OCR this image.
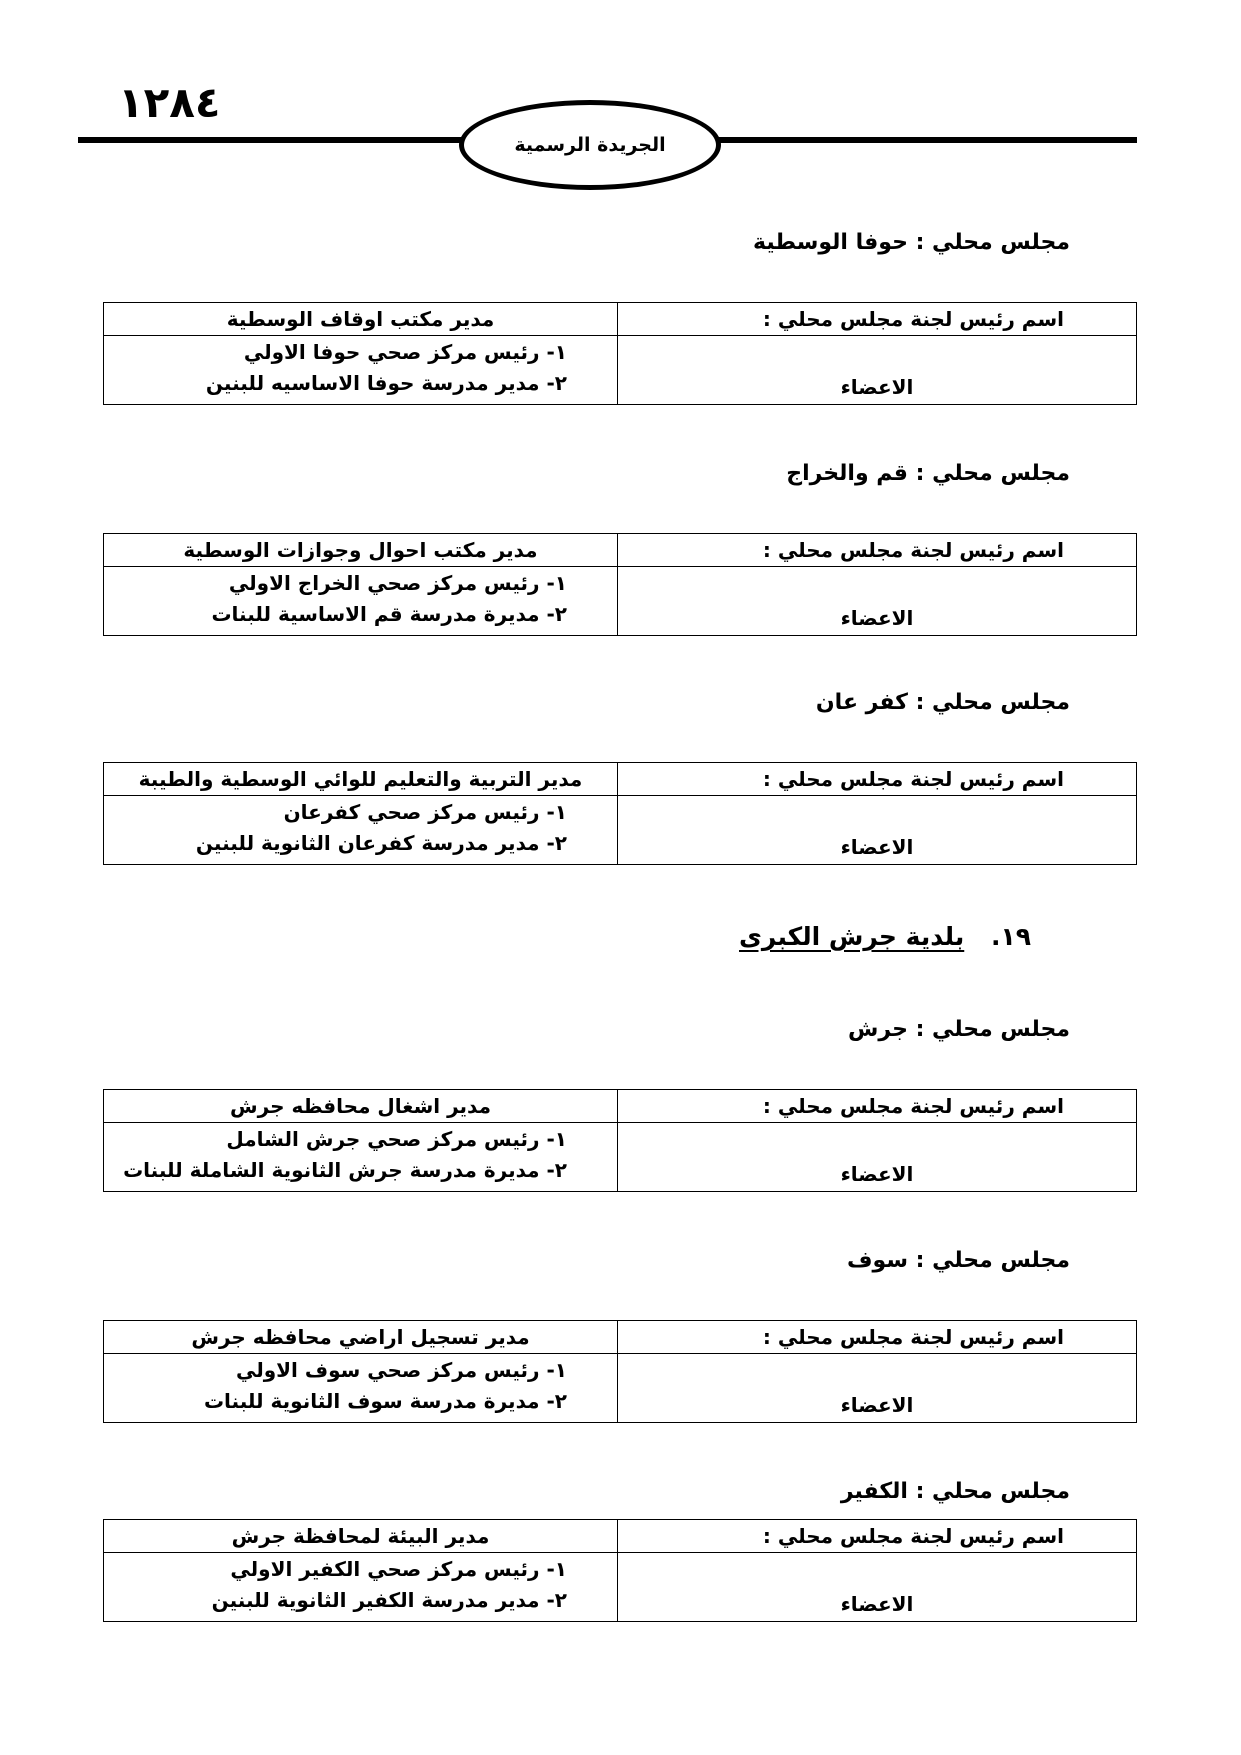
١٢٨٤
الجريدة الرسمية
مجلس محلي : حوفا الوسطية
اسم رئيس لجنة مجلس محلي :	مدير مكتب اوقاف الوسطية
الاعضاء	١- رئيس مركز صحي حوفا الاولي
٢- مدير مدرسة حوفا الاساسيه للبنين
مجلس محلي : قم والخراج
اسم رئيس لجنة مجلس محلي :	مدير مكتب احوال وجوازات الوسطية
الاعضاء	١- رئيس مركز صحي الخراج الاولي
٢- مديرة مدرسة قم الاساسية للبنات
مجلس محلي : كفر عان
اسم رئيس لجنة مجلس محلي :	مدير التربية والتعليم للوائي الوسطية والطيبة
الاعضاء	١- رئيس مركز صحي كفرعان
٢- مدير مدرسة كفرعان الثانوية للبنين
١٩. بلدية جرش الكبرى
مجلس محلي : جرش
اسم رئيس لجنة مجلس محلي :	مدير اشغال محافظه جرش
الاعضاء	١- رئيس مركز صحي جرش الشامل
٢- مديرة مدرسة جرش الثانوية الشاملة للبنات
مجلس محلي : سوف
اسم رئيس لجنة مجلس محلي :	مدير تسجيل اراضي محافظه جرش
الاعضاء	١- رئيس مركز صحي سوف الاولي
٢- مديرة مدرسة سوف الثانوية للبنات
مجلس محلي : الكفير
اسم رئيس لجنة مجلس محلي :	مدير البيئة لمحافظة جرش
الاعضاء	١- رئيس مركز صحي الكفير الاولي
٢- مدير مدرسة الكفير الثانوية للبنين
